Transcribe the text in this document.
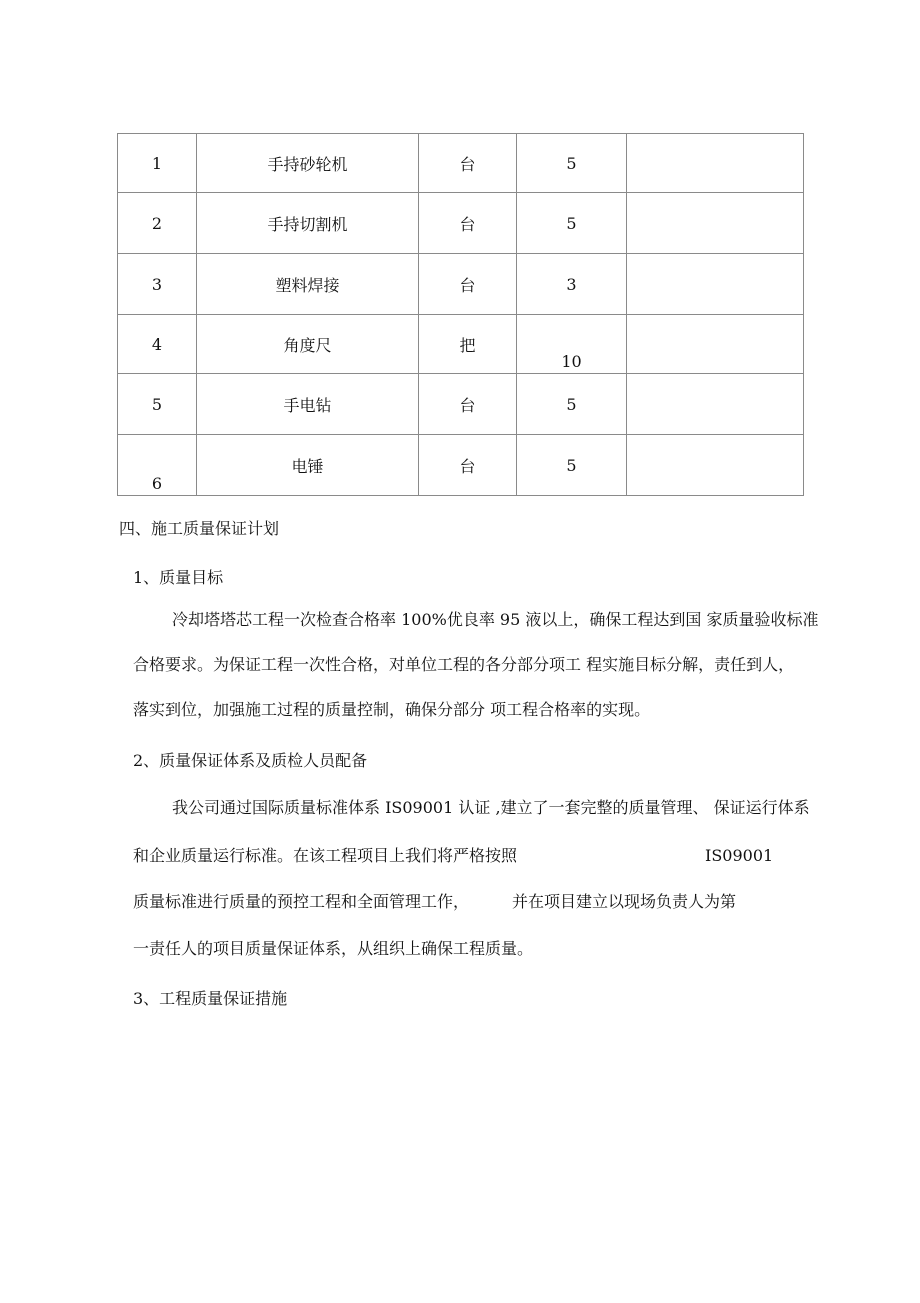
1	手持砂轮机	台	5	
2	手持切割机	台	5	
3	塑料焊接	台	3	
4	角度尺	把	10	

5	手电钻	台	5	

6	电锤	台	5	
四、施工质量保证计划
1、质量目标
冷却塔塔芯工程一次检查合格率 100%优良率 95 液以上，确保工程达到国 家质量验收标准
合格要求。为保证工程一次性合格，对单位工程的各分部分项工 程实施目标分解，责任到人，
落实到位，加强施工过程的质量控制，确保分部分 项工程合格率的实现。
2、质量保证体系及质检人员配备
我公司通过国际质量标准体系 IS09001 认证 ,建立了一套完整的质量管理、 保证运行体系
和企业质量运行标准。在该工程项目上我们将严格按照	IS09001
质量标准进行质量的预控工程和全面管理工作，	并在项目建立以现场负责人为第
一责任人的项目质量保证体系，从组织上确保工程质量。
3、工程质量保证措施
